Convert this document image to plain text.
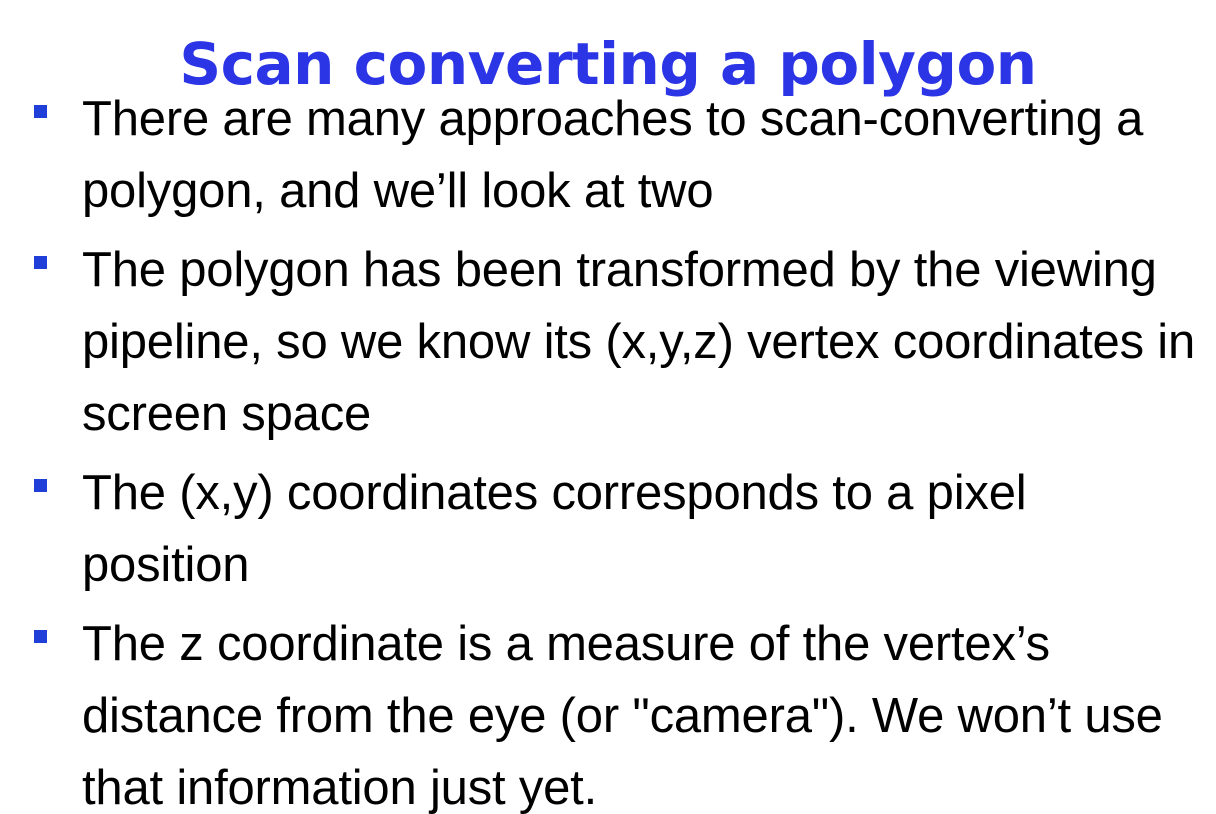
Scan converting a polygon
There are many approaches to scan-converting a polygon, and we’ll look at two
The polygon has been transformed by the viewing pipeline, so we know its (x,y,z) vertex coordinates in screen space
The (x,y) coordinates corresponds to a pixel position
The z coordinate is a measure of the vertex’s distance from the eye (or "camera"). We won’t use that information just yet.
